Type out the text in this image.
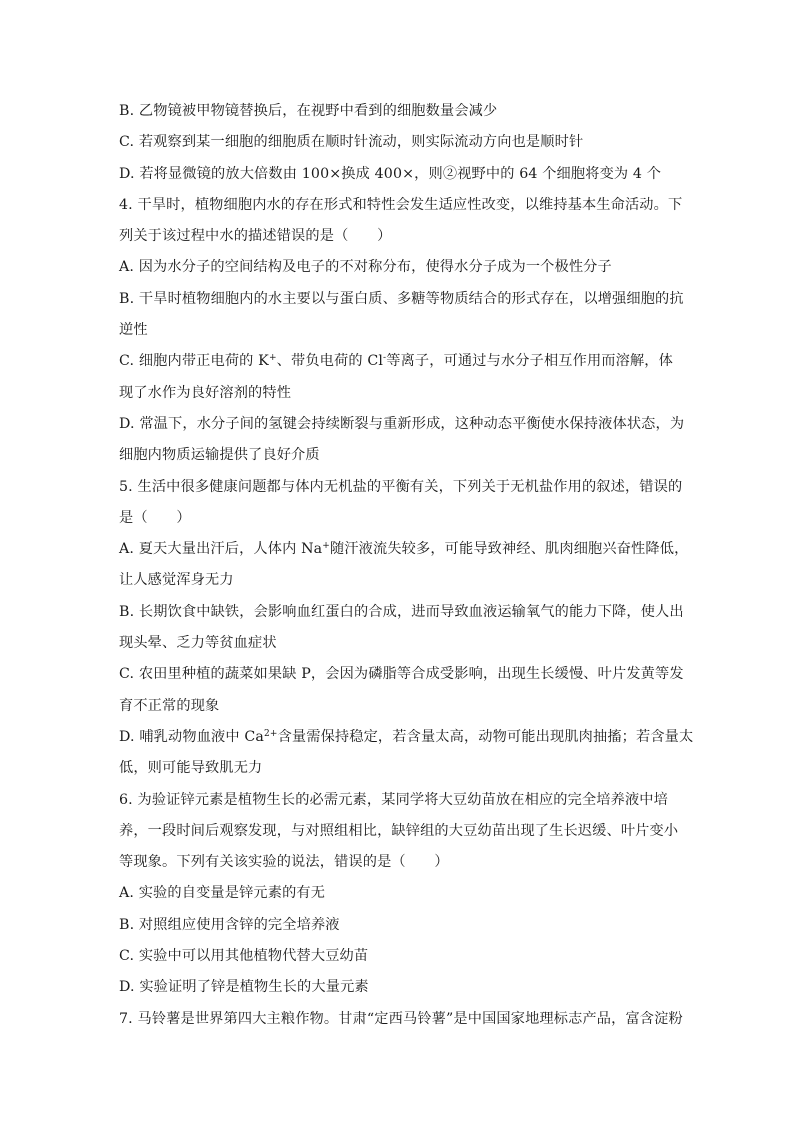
B. 乙物镜被甲物镜替换后，在视野中看到的细胞数量会减少
C. 若观察到某一细胞的细胞质在顺时针流动，则实际流动方向也是顺时针
D. 若将显微镜的放大倍数由 100×换成 400×，则②视野中的 64 个细胞将变为 4 个
4. 干旱时，植物细胞内水的存在形式和特性会发生适应性改变，以维持基本生命活动。下
列关于该过程中水的描述错误的是（　　）
A. 因为水分子的空间结构及电子的不对称分布，使得水分子成为一个极性分子
B. 干旱时植物细胞内的水主要以与蛋白质、多糖等物质结合的形式存在，以增强细胞的抗
逆性
C. 细胞内带正电荷的 K+、带负电荷的 Cl-等离子，可通过与水分子相互作用而溶解，体
现了水作为良好溶剂的特性
D. 常温下，水分子间的氢键会持续断裂与重新形成，这种动态平衡使水保持液体状态，为
细胞内物质运输提供了良好介质
5. 生活中很多健康问题都与体内无机盐的平衡有关，下列关于无机盐作用的叙述，错误的
是（　　）
A. 夏天大量出汗后，人体内 Na+随汗液流失较多，可能导致神经、肌肉细胞兴奋性降低，
让人感觉浑身无力
B. 长期饮食中缺铁，会影响血红蛋白的合成，进而导致血液运输氧气的能力下降，使人出
现头晕、乏力等贫血症状
C. 农田里种植的蔬菜如果缺 P，会因为磷脂等合成受影响，出现生长缓慢、叶片发黄等发
育不正常的现象
D. 哺乳动物血液中 $Ca^{2+}$含量需保持稳定，若含量太高，动物可能出现肌肉抽搐；若含量太
低，则可能导致肌无力
6. 为验证锌元素是植物生长的必需元素，某同学将大豆幼苗放在相应的完全培养液中培
养，一段时间后观察发现，与对照组相比，缺锌组的大豆幼苗出现了生长迟缓、叶片变小
等现象。下列有关该实验的说法，错误的是（　　）
A. 实验的自变量是锌元素的有无
B. 对照组应使用含锌的完全培养液
C. 实验中可以用其他植物代替大豆幼苗
D. 实验证明了锌是植物生长的大量元素
7. 马铃薯是世界第四大主粮作物。甘肃“定西马铃薯”是中国国家地理标志产品，富含淀粉
